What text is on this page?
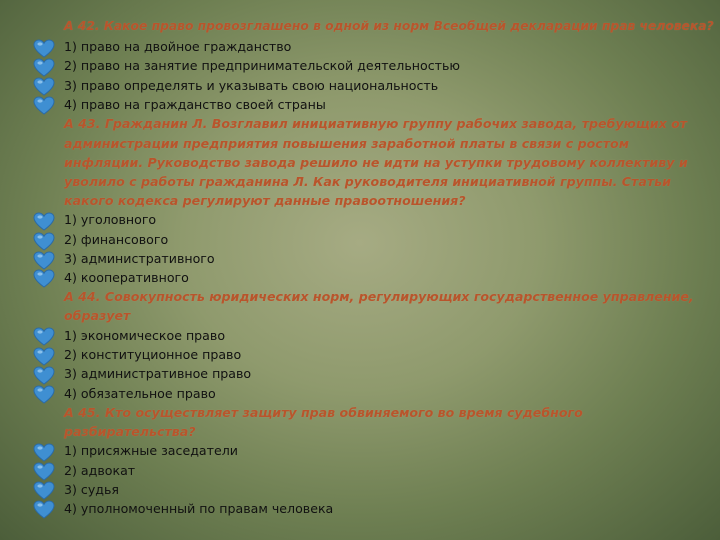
А 42. Какое право провозглашено в одной из норм Всеобщей декларации прав человека?
1) право на двойное гражданство
2) право на занятие предпринимательской деятельностью
3) право определять и указывать свою национальность
4) право на гражданство своей страны
А 43. Гражданин Л. Возглавил инициативную группу рабочих завода, требующих от
администрации предприятия повышения заработной платы в связи с ростом
инфляции. Руководство завода решило не идти на уступки трудовому коллективу и
уволило с работы гражданина Л. Как руководителя инициативной группы. Статьи
какого кодекса регулируют данные правоотношения?
1) уголовного
2) финансового
3) административного
4) кооперативного
А 44. Совокупность юридических норм, регулирующих государственное управление,
образует
1) экономическое право
2) конституционное право
3) административное право
4) обязательное право
А 45. Кто осуществляет защиту прав обвиняемого во время судебного
разбирательства?
1) присяжные заседатели
2) адвокат
3) судья
4) уполномоченный по правам человека
